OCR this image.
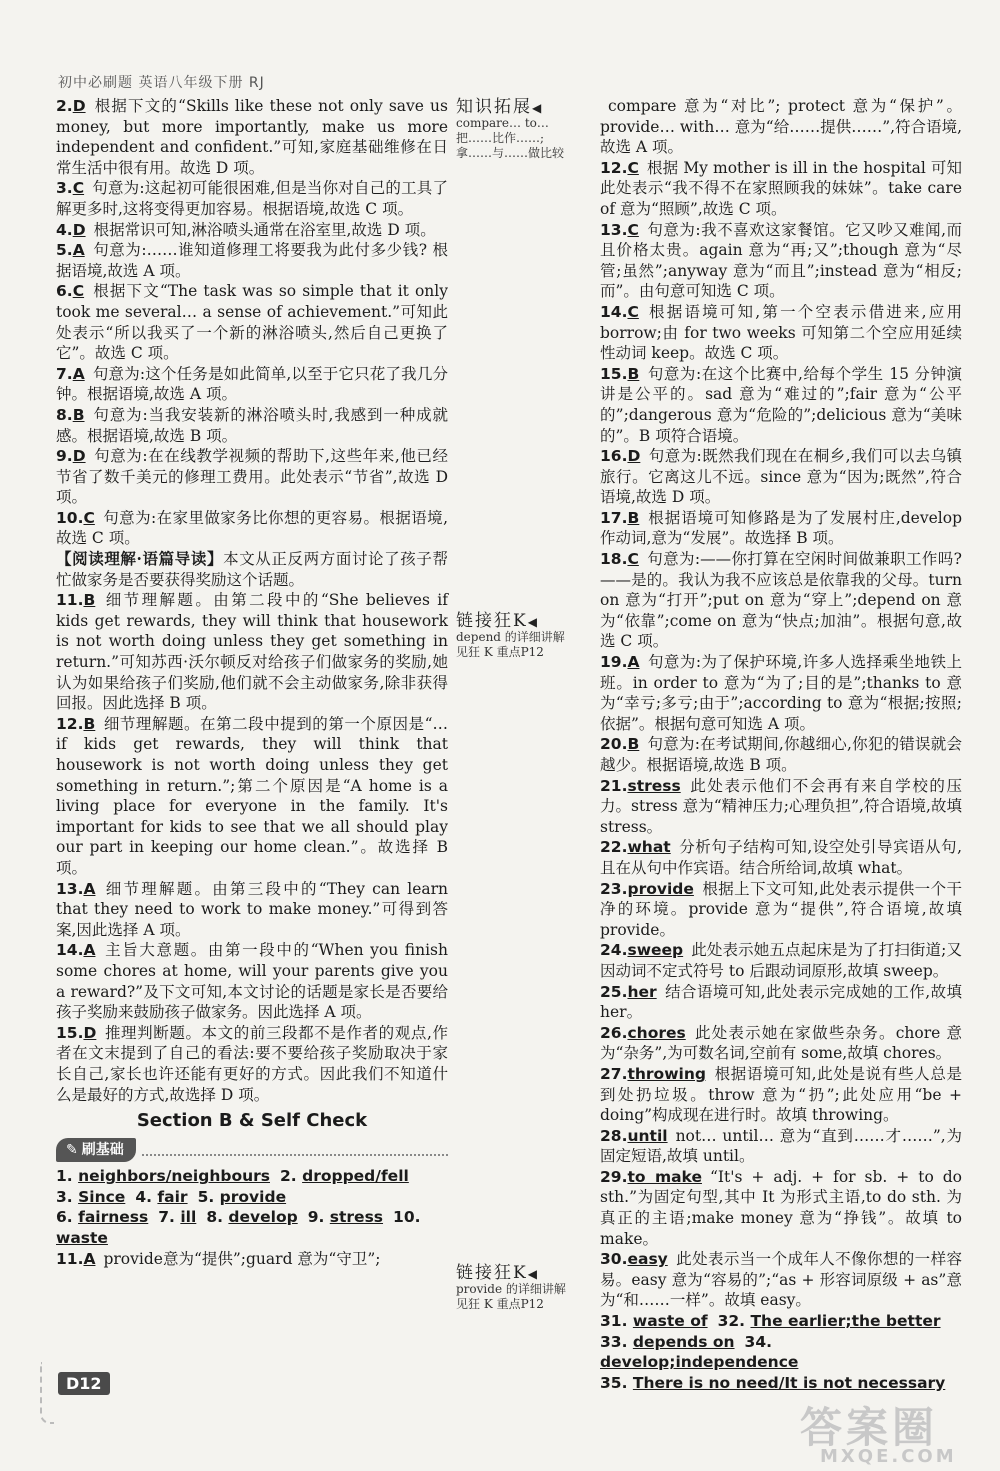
初中必刷题 英语八年级下册 RJ
2.D 根据下文的“Skills like these not only save us money, but more importantly, make us more independent and confident.”可知,家庭基础维修在日常生活中很有用。故选 D 项。
3.C 句意为:这起初可能很困难,但是当你对自己的工具了解更多时,这将变得更加容易。根据语境,故选 C 项。
4.D 根据常识可知,淋浴喷头通常在浴室里,故选 D 项。
5.A 句意为:……谁知道修理工将要我为此付多少钱? 根据语境,故选 A 项。
6.C 根据下文“The task was so simple that it only took me several… a sense of achievement.”可知此处表示“所以我买了一个新的淋浴喷头,然后自己更换了它”。故选 C 项。
7.A 句意为:这个任务是如此简单,以至于它只花了我几分钟。根据语境,故选 A 项。
8.B 句意为:当我安装新的淋浴喷头时,我感到一种成就感。根据语境,故选 B 项。
9.D 句意为:在在线教学视频的帮助下,这些年来,他已经节省了数千美元的修理工费用。此处表示“节省”,故选 D 项。
10.C 句意为:在家里做家务比你想的更容易。根据语境,故选 C 项。
【阅读理解·语篇导读】本文从正反两方面讨论了孩子帮忙做家务是否要获得奖励这个话题。
11.B 细节理解题。由第二段中的“She believes if kids get rewards, they will think that housework is not worth doing unless they get something in return.”可知苏西·沃尔顿反对给孩子们做家务的奖励,她认为如果给孩子们奖励,他们就不会主动做家务,除非获得回报。因此选择 B 项。
12.B 细节理解题。在第二段中提到的第一个原因是“… if kids get rewards, they will think that housework is not worth doing unless they get something in return.”;第二个原因是“A home is a living place for everyone in the family. It's important for kids to see that we all should play our part in keeping our home clean.”。故选择 B 项。
13.A 细节理解题。由第三段中的“They can learn that they need to work to make money.”可得到答案,因此选择 A 项。
14.A 主旨大意题。由第一段中的“When you finish some chores at home, will your parents give you a reward?”及下文可知,本文讨论的话题是家长是否要给孩子奖励来鼓励孩子做家务。因此选择 A 项。
15.D 推理判断题。本文的前三段都不是作者的观点,作者在文末提到了自己的看法:要不要给孩子奖励取决于家长自己,家长也许还能有更好的方式。因此我们不知道什么是最好的方式,故选择 D 项。
Section B & Self Check
✎ 刷基础
1. neighbors/neighbours 2. dropped/fell
3. Since 4. fair 5. provide
6. fairness 7. ill 8. develop 9. stress 10. waste
11.A provide意为“提供”;guard 意为“守卫”;
知识拓展◀
compare… to… 把……比作……;拿……与……做比较
链接狂K◀
depend 的详细讲解见狂 K 重点P12
链接狂K◀
provide 的详细讲解见狂 K 重点P12
compare 意为“对比”; protect 意为“保护”。provide… with… 意为“给……提供……”,符合语境,故选 A 项。
12.C 根据 My mother is ill in the hospital 可知此处表示“我不得不在家照顾我的妹妹”。take care of 意为“照顾”,故选 C 项。
13.C 句意为:我不喜欢这家餐馆。它又吵又难闻,而且价格太贵。again 意为“再;又”;though 意为“尽管;虽然”;anyway 意为“而且”;instead 意为“相反;而”。由句意可知选 C 项。
14.C 根据语境可知,第一个空表示借进来,应用 borrow;由 for two weeks 可知第二个空应用延续性动词 keep。故选 C 项。
15.B 句意为:在这个比赛中,给每个学生 15 分钟演讲是公平的。sad 意为“难过的”;fair 意为“公平的”;dangerous 意为“危险的”;delicious 意为“美味的”。B 项符合语境。
16.D 句意为:既然我们现在在桐乡,我们可以去乌镇旅行。它离这儿不远。since 意为“因为;既然”,符合语境,故选 D 项。
17.B 根据语境可知修路是为了发展村庄,develop 作动词,意为“发展”。故选择 B 项。
18.C 句意为:——你打算在空闲时间做兼职工作吗?——是的。我认为我不应该总是依靠我的父母。turn on 意为“打开”;put on 意为“穿上”;depend on 意为“依靠”;come on 意为“快点;加油”。根据句意,故选 C 项。
19.A 句意为:为了保护环境,许多人选择乘坐地铁上班。in order to 意为“为了;目的是”;thanks to 意为“幸亏;多亏;由于”;according to 意为“根据;按照;依据”。根据句意可知选 A 项。
20.B 句意为:在考试期间,你越细心,你犯的错误就会越少。根据语境,故选 B 项。
21.stress 此处表示他们不会再有来自学校的压力。stress 意为“精神压力;心理负担”,符合语境,故填 stress。
22.what 分析句子结构可知,设空处引导宾语从句,且在从句中作宾语。结合所给词,故填 what。
23.provide 根据上下文可知,此处表示提供一个干净的环境。provide 意为“提供”,符合语境,故填 provide。
24.sweep 此处表示她五点起床是为了打扫街道;又因动词不定式符号 to 后跟动词原形,故填 sweep。
25.her 结合语境可知,此处表示完成她的工作,故填 her。
26.chores 此处表示她在家做些杂务。chore 意为“杂务”,为可数名词,空前有 some,故填 chores。
27.throwing 根据语境可知,此处是说有些人总是到处扔垃圾。throw 意为“扔”;此处应用“be + doing”构成现在进行时。故填 throwing。
28.until not… until… 意为“直到……才……”,为固定短语,故填 until。
29.to make “It's + adj. + for sb. + to do sth.”为固定句型,其中 It 为形式主语,to do sth. 为真正的主语;make money 意为“挣钱”。故填 to make。
30.easy 此处表示当一个成年人不像你想的一样容易。easy 意为“容易的”;“as + 形容词原级 + as”意为“和……一样”。故填 easy。
31. waste of 32. The earlier;the better
33. depends on 34. develop;independence
35. There is no need/It is not necessary
D12
答案圈
MXQE.COM
